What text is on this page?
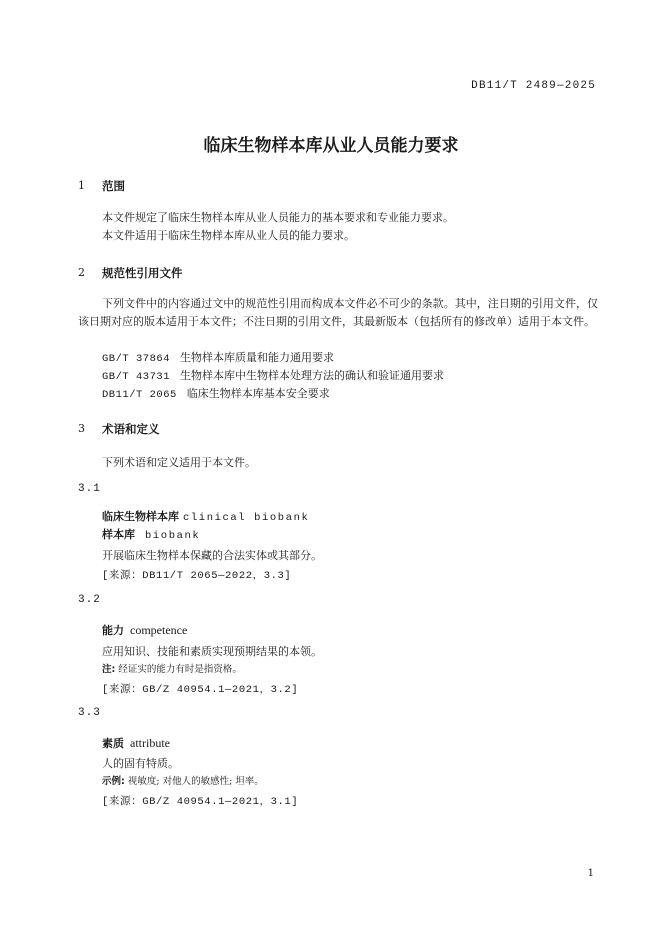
DB11/T 2489—2025
临床生物样本库从业人员能力要求
1 范围
本文件规定了临床生物样本库从业人员能力的基本要求和专业能力要求。
本文件适用于临床生物样本库从业人员的能力要求。
2 规范性引用文件
下列文件中的内容通过文中的规范性引用而构成本文件必不可少的条款。其中，注日期的引用文件，仅该日期对应的版本适用于本文件；不注日期的引用文件，其最新版本（包括所有的修改单）适用于本文件。
GB/T 37864 生物样本库质量和能力通用要求
GB/T 43731 生物样本库中生物样本处理方法的确认和验证通用要求
DB11/T 2065 临床生物样本库基本安全要求
3 术语和定义
下列术语和定义适用于本文件。
3.1
临床生物样本库 clinical biobank
样本库 biobank
开展临床生物样本保藏的合法实体或其部分。
[来源：DB11/T 2065—2022，3.3]
3.2
能力 competence
应用知识、技能和素质实现预期结果的本领。
注: 经证实的能力有时是指资格。
[来源：GB/Z 40954.1—2021，3.2]
3.3
素质 attribute
人的固有特质。
示例: 视敏度; 对他人的敏感性; 坦率。
[来源：GB/Z 40954.1—2021，3.1]
1
